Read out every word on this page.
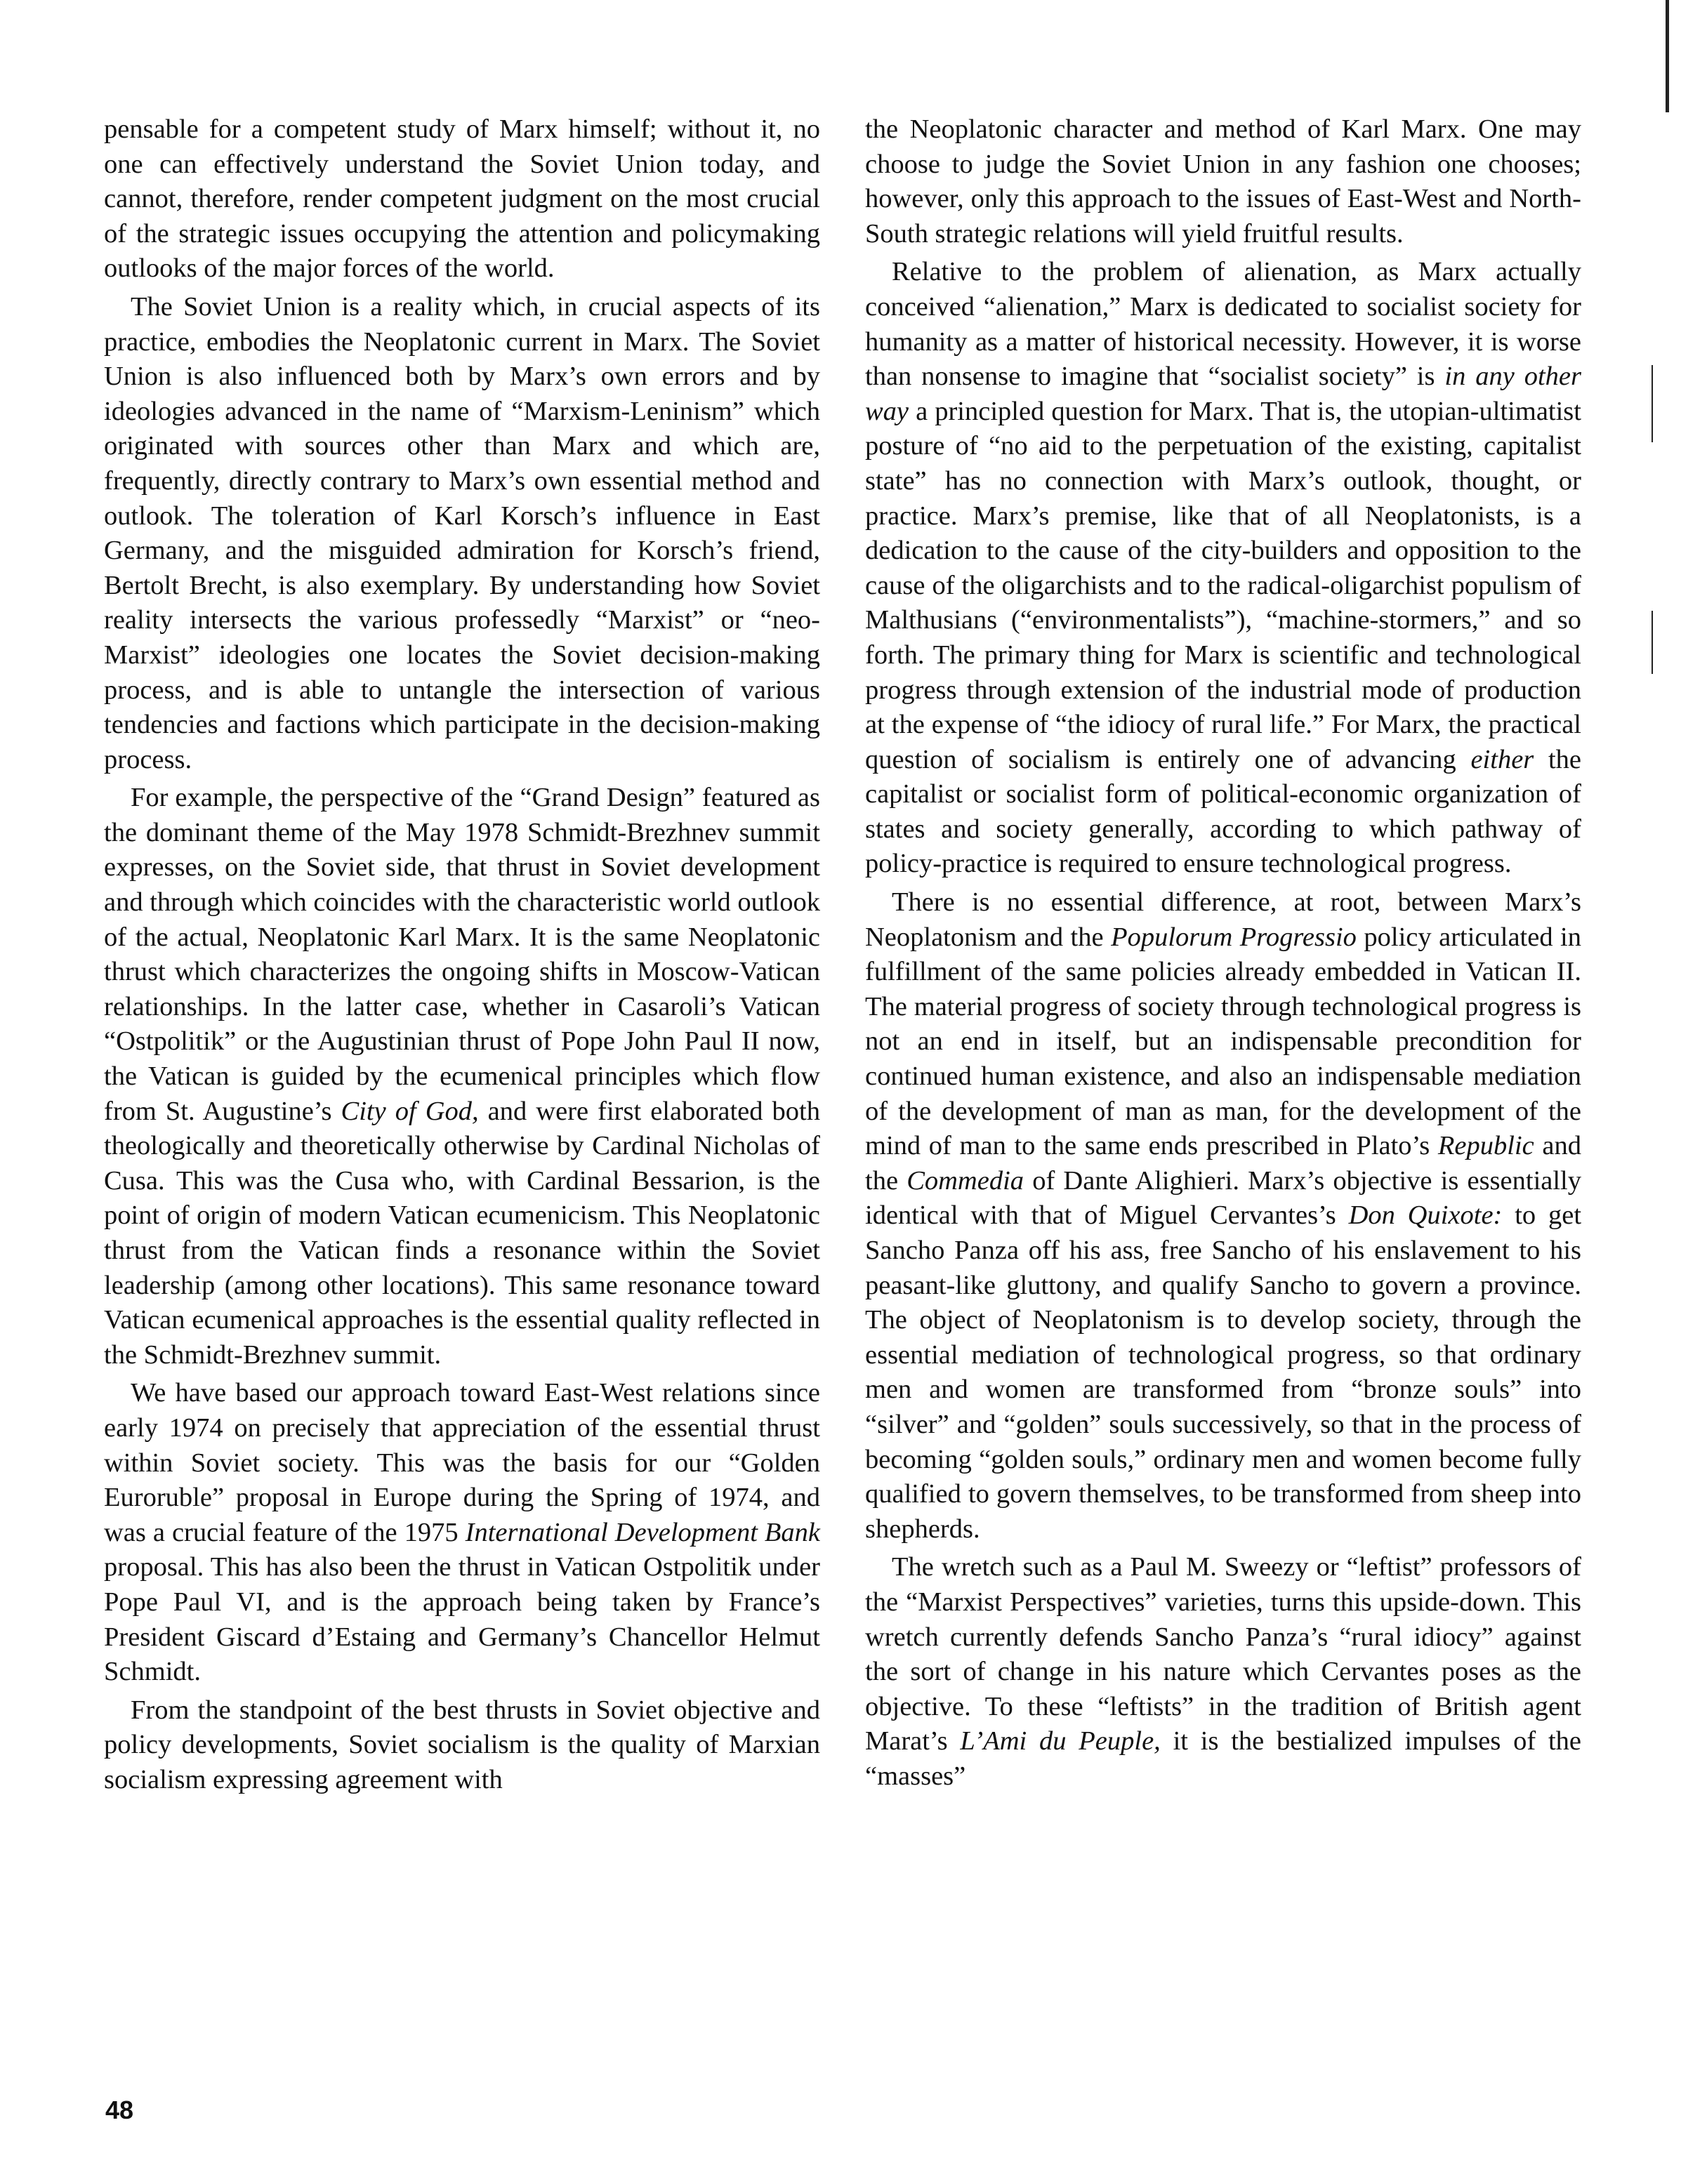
pensable for a competent study of Marx himself; without it, no one can effectively understand the Soviet Union today, and cannot, therefore, render competent judgment on the most crucial of the strategic issues occupying the attention and policymaking outlooks of the major forces of the world.

The Soviet Union is a reality which, in crucial aspects of its practice, embodies the Neoplatonic current in Marx. The Soviet Union is also influenced both by Marx’s own errors and by ideologies advanced in the name of “Marxism-Leninism” which originated with sources other than Marx and which are, frequently, directly contrary to Marx’s own essential method and outlook. The toleration of Karl Korsch’s influence in East Germany, and the misguided admiration for Korsch’s friend, Bertolt Brecht, is also exemplary. By understanding how Soviet reality intersects the various professedly “Marxist” or “neo-Marxist” ideologies one locates the Soviet decision-making process, and is able to untangle the intersection of various tendencies and factions which participate in the decision-making process.

For example, the perspective of the “Grand Design” featured as the dominant theme of the May 1978 Schmidt-Brezhnev summit expresses, on the Soviet side, that thrust in Soviet development and through which coincides with the characteristic world outlook of the actual, Neoplatonic Karl Marx. It is the same Neoplatonic thrust which characterizes the ongoing shifts in Moscow-Vatican relationships. In the latter case, whether in Casaroli’s Vatican “Ostpolitik” or the Augustinian thrust of Pope John Paul II now, the Vatican is guided by the ecumenical principles which flow from St. Augustine’s City of God, and were first elaborated both theologically and theoretically otherwise by Cardinal Nicholas of Cusa. This was the Cusa who, with Cardinal Bessarion, is the point of origin of modern Vatican ecumenicism. This Neoplatonic thrust from the Vatican finds a resonance within the Soviet leadership (among other locations). This same resonance toward Vatican ecumenical approaches is the essential quality reflected in the Schmidt-Brezhnev summit.

We have based our approach toward East-West relations since early 1974 on precisely that appreciation of the essential thrust within Soviet society. This was the basis for our “Golden Euroruble” proposal in Europe during the Spring of 1974, and was a crucial feature of the 1975 International Development Bank proposal. This has also been the thrust in Vatican Ostpolitik under Pope Paul VI, and is the approach being taken by France’s President Giscard d’Estaing and Germany’s Chancellor Helmut Schmidt.

From the standpoint of the best thrusts in Soviet objective and policy developments, Soviet socialism is the quality of Marxian socialism expressing agreement with

the Neoplatonic character and method of Karl Marx. One may choose to judge the Soviet Union in any fashion one chooses; however, only this approach to the issues of East-West and North-South strategic relations will yield fruitful results.

Relative to the problem of alienation, as Marx actually conceived “alienation,” Marx is dedicated to socialist society for humanity as a matter of historical necessity. However, it is worse than nonsense to imagine that “socialist society” is in any other way a principled question for Marx. That is, the utopian-ultimatist posture of “no aid to the perpetuation of the existing, capitalist state” has no connection with Marx’s outlook, thought, or practice. Marx’s premise, like that of all Neoplatonists, is a dedication to the cause of the city-builders and opposition to the cause of the oligarchists and to the radical-oligarchist populism of Malthusians (“environmentalists”), “machine-stormers,” and so forth. The primary thing for Marx is scientific and technological progress through extension of the industrial mode of production at the expense of “the idiocy of rural life.” For Marx, the practical question of socialism is entirely one of advancing either the capitalist or socialist form of political-economic organization of states and society generally, according to which pathway of policy-practice is required to ensure technological progress.

There is no essential difference, at root, between Marx’s Neoplatonism and the Populorum Progressio policy articulated in fulfillment of the same policies already embedded in Vatican II. The material progress of society through technological progress is not an end in itself, but an indispensable precondition for continued human existence, and also an indispensable mediation of the development of man as man, for the development of the mind of man to the same ends prescribed in Plato’s Republic and the Commedia of Dante Alighieri. Marx’s objective is essentially identical with that of Miguel Cervantes’s Don Quixote: to get Sancho Panza off his ass, free Sancho of his enslavement to his peasant-like gluttony, and qualify Sancho to govern a province. The object of Neoplatonism is to develop society, through the essential mediation of technological progress, so that ordinary men and women are transformed from “bronze souls” into “silver” and “golden” souls successively, so that in the process of becoming “golden souls,” ordinary men and women become fully qualified to govern themselves, to be transformed from sheep into shepherds.

The wretch such as a Paul M. Sweezy or “leftist” professors of the “Marxist Perspectives” varieties, turns this upside-down. This wretch currently defends Sancho Panza’s “rural idiocy” against the sort of change in his nature which Cervantes poses as the objective. To these “leftists” in the tradition of British agent Marat’s L’Ami du Peuple, it is the bestialized impulses of the “masses”

48
